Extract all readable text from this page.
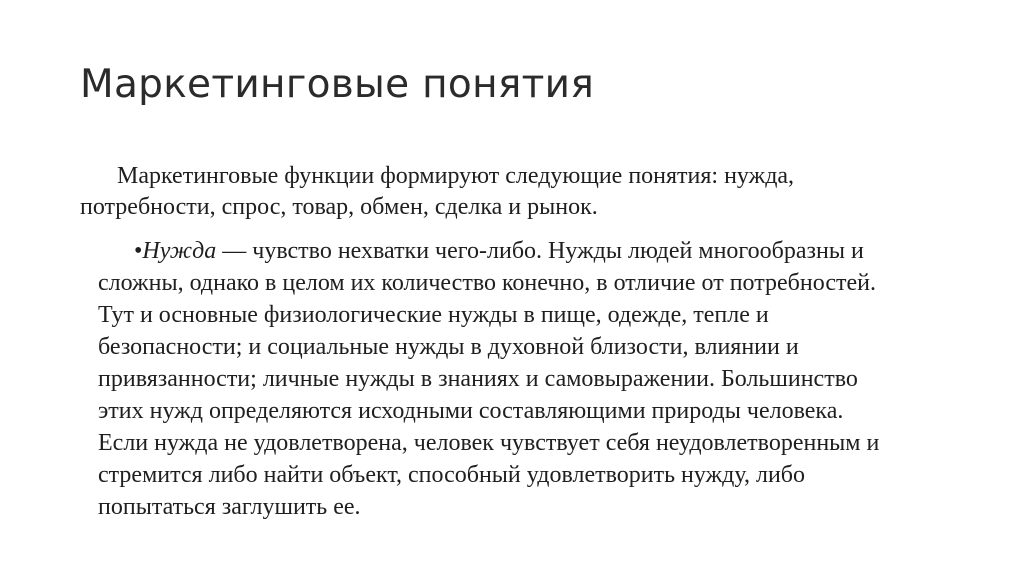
Маркетинговые понятия

Маркетинговые функции формируют следующие понятия: нужда, потребности, спрос, товар, обмен, сделка и рынок.

•Нужда — чувство нехватки чего-либо. Нужды людей многообразны и
сложны, однако в целом их количество конечно, в отличие от потребностей.
Тут и основные физиологические нужды в пище, одежде, тепле и
безопасности; и социальные нужды в духовной близости, влиянии и
привязанности; личные нужды в знаниях и самовыражении. Большинство
этих нужд определяются исходными составляющими природы человека.
Если нужда не удовлетворена, человек чувствует себя неудовлетворенным и
стремится либо найти объект, способный удовлетворить нужду, либо
попытаться заглушить ее.
